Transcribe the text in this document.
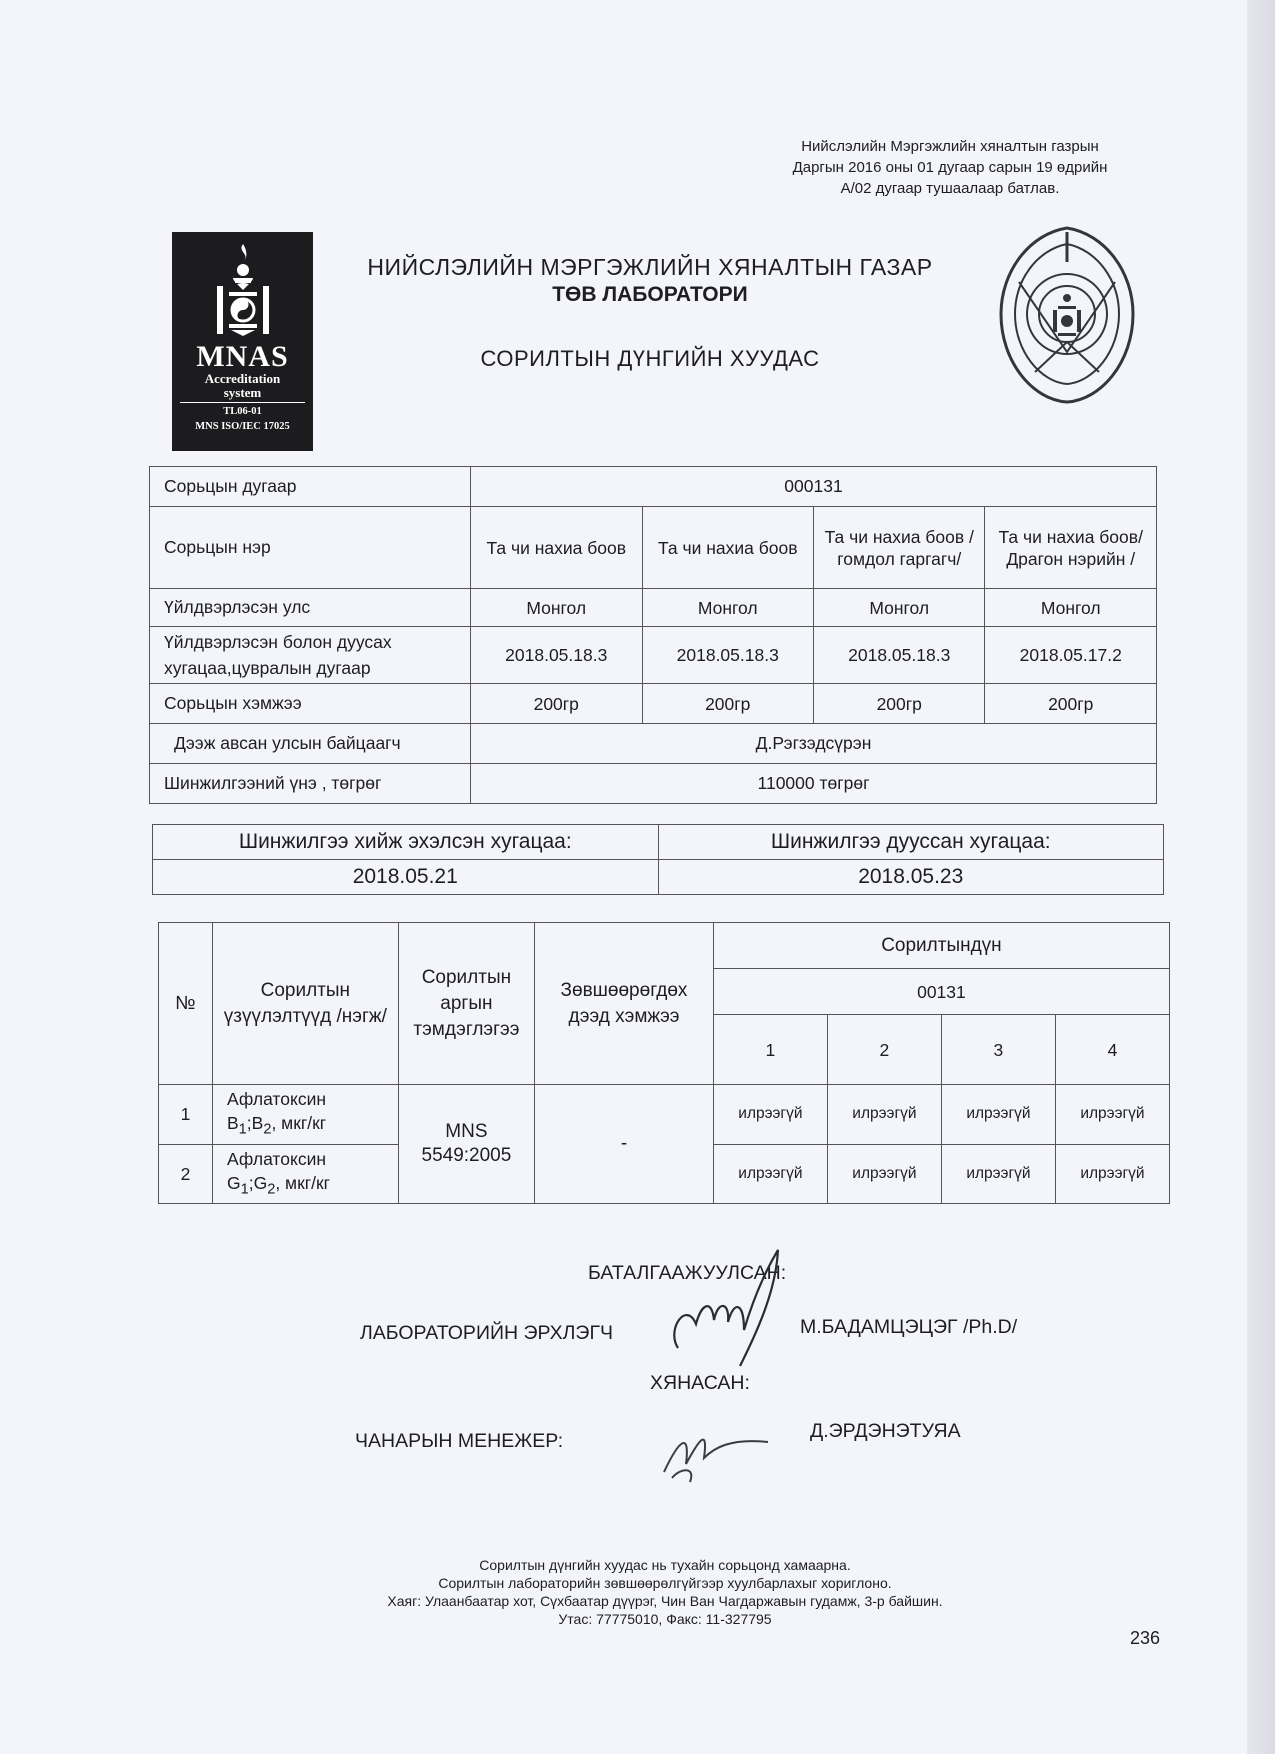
Нийслэлийн Мэргэжлийн хяналтын газрын
Даргын 2016 оны 01 дугаар сарын 19 өдрийн
А/02 дугаар тушаалаар батлав.
MNAS
Accreditation
system
TL06-01
MNS ISO/IEC 17025
НИЙСЛЭЛИЙН МЭРГЭЖЛИЙН ХЯНАЛТЫН ГАЗАР
ТӨВ ЛАБОРАТОРИ
СОРИЛТЫН ДҮНГИЙН ХУУДАС
Сорьцын дугаар	000131			
Сорьцын нэр	Та чи нахиа боов	Та чи нахиа боов	Та чи нахиа боов /гомдол гаргагч/	Та чи нахиа боов/Драгон нэрийн /
Үйлдвэрлэсэн улс	Монгол	Монгол	Монгол	Монгол

Үйлдвэрлэсэн болон дуусах
хугацаа,цувралын дугаар	2018.05.18.3	2018.05.18.3	2018.05.18.3	2018.05.17.2
Сорьцын хэмжээ	200гр	200гр	200гр	200гр
Дээж авсан улсын байцаагч	Д.Рэгзэдсүрэн			
Шинжилгээний үнэ , төгрөг	110000 төгрөг			
Шинжилгээ хийж эхэлсэн хугацаа:	Шинжилгээ дууссан хугацаа:
2018.05.21	2018.05.23
№	Сорилтын үзүүлэлтүүд /нэгж/	Сорилтын аргын тэмдэглэгээ	Зөвшөөрөгдөх дээд хэмжээ	Сорилтындүн			
				00131			
				1	2	3	4
1	Афлатоксин
$B_1;B_2$, мкг/кг	MNS 5549:2005	-	илрээгүй	илрээгүй	илрээгүй	илрээгүй
2	Афлатоксин
$G_1;G_2$, мкг/кг			илрээгүй	илрээгүй	илрээгүй	илрээгүй
БАТАЛГААЖУУЛСАН:
ЛАБОРАТОРИЙН ЭРХЛЭГЧ	М.БАДАМЦЭЦЭГ /Ph.D/
ХЯНАСАН:
ЧАНАРЫН МЕНЕЖЕР:	Д.ЭРДЭНЭТУЯА
Сорилтын дүнгийн хуудас нь тухайн сорьцонд хамаарна.
Сорилтын лабораторийн зөвшөөрөлгүйгээр хуулбарлахыг хориглоно.
Хаяг: Улаанбаатар хот, Сүхбаатар дүүрэг, Чин Ван Чагдаржавын гудамж, 3-р байшин.
Утас: 77775010, Факс: 11-327795
236
